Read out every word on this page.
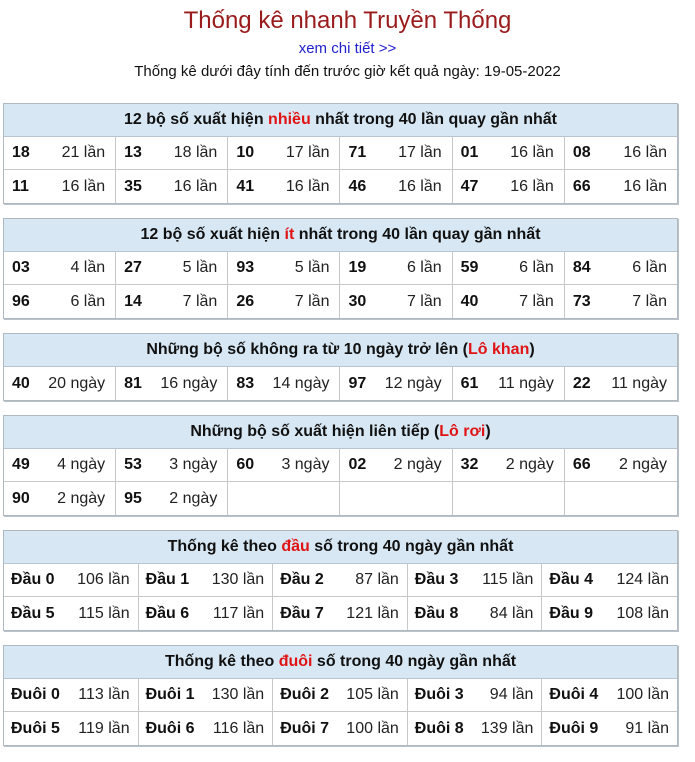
Thống kê nhanh Truyền Thống
xem chi tiết >>
Thống kê dưới đây tính đến trước giờ kết quả ngày: 19-05-2022
12 bộ số xuất hiện nhiều nhất trong 40 lần quay gần nhất
18 21 lần 13 18 lần 10 17 lần 71 17 lần 01 16 lần 08 16 lần
11 16 lần 35 16 lần 41 16 lần 46 16 lần 47 16 lần 66 16 lần
12 bộ số xuất hiện ít nhất trong 40 lần quay gần nhất
03	4 lần 27	5 lần 93	5 lần 19	6 lần 59	6 lần 84	6 lần
96	6 lần 14	7 lần 26	7 lần 30	7 lần 40	7 lần 73	7 lần
Những bộ số không ra từ 10 ngày trở lên (Lô khan)
40 20 ngày 81 16 ngày 83 14 ngày 97 12 ngày 61 11 ngày 22 11 ngày
Những bộ số xuất hiện liên tiếp (Lô rơi)
49 4 ngày 53 3 ngày 60 3 ngày 02 2 ngày 32 2 ngày 66 2 ngày
90 2 ngày 95 2 ngày
Thống kê theo đầu số trong 40 ngày gần nhất
Đầu 0 106 lần Đầu 1 130 lần Đầu 2 87 lần Đầu 3 115 lần Đầu 4 124 lần
Đầu 5 115 lần Đầu 6 117 lần Đầu 7 121 lần Đầu 8 84 lần Đầu 9 108 lần
Thống kê theo đuôi số trong 40 ngày gần nhất
Đuôi 0 113 lần Đuôi 1 130 lần Đuôi 2 105 lần Đuôi 3 94 lần Đuôi 4 100 lần
Đuôi 5 119 lần Đuôi 6 116 lần Đuôi 7 100 lần Đuôi 8 139 lần Đuôi 9 91 lần
